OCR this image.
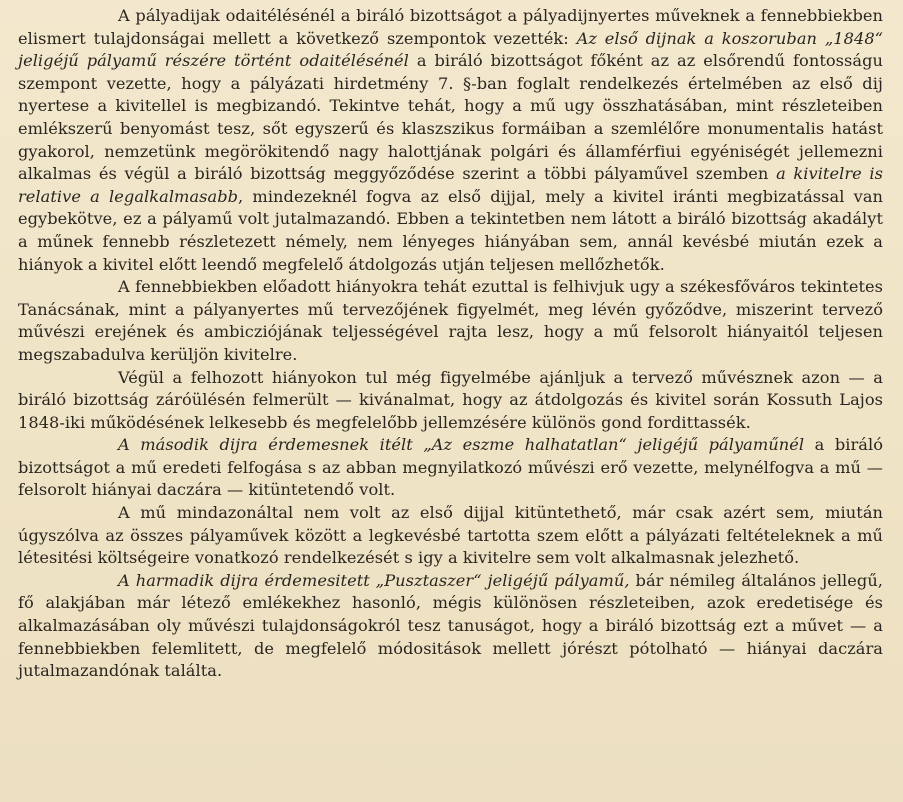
A pályadijak odaitélésénél a biráló bizottságot a pályadijnyertes műveknek a fennebbiekben elismert tulajdonságai mellett a következő szempontok vezették: Az első dijnak a koszoruban „1848“ jeligéjű pályamű részére történt odaitélésénél a biráló bizottságot főként az az elsőrendű fontosságu szempont vezette, hogy a pályázati hirdetmény 7. §-ban foglalt rendelkezés értelmében az első dij nyertese a kivitellel is megbizandó. Tekintve tehát, hogy a mű ugy összhatásában, mint részleteiben emlékszerű benyomást tesz, sőt egyszerű és klaszszikus formáiban a szemlélőre monumentalis hatást gyakorol, nemzetünk megörökitendő nagy halottjának polgári és államférfiui egyéniségét jellemezni alkalmas és végül a biráló bizottság meggyőződése szerint a többi pályaművel szemben a kivitelre is relative a legalkalmasabb, mindezeknél fogva az első dijjal, mely a kivitel iránti megbizatással van egybekötve, ez a pályamű volt jutalmazandó. Ebben a tekintetben nem látott a biráló bizottság akadályt a műnek fennebb részletezett némely, nem lényeges hiányában sem, annál kevésbé miután ezek a hiányok a kivitel előtt leendő megfelelő átdolgozás utján teljesen mellőzhetők.

A fennebbiekben előadott hiányokra tehát ezuttal is felhivjuk ugy a székesfőváros tekintetes Tanácsának, mint a pályanyertes mű tervezőjének figyelmét, meg lévén győződve, miszerint tervező művészi erejének és ambicziójának teljességével rajta lesz, hogy a mű felsorolt hiányaitól teljesen megszabadulva kerüljön kivitelre.

Végül a felhozott hiányokon tul még figyelmébe ajánljuk a tervező művésznek azon — a biráló bizottság záróülésén felmerült — kivánalmat, hogy az átdolgozás és kivitel során Kossuth Lajos 1848-iki működésének lelkesebb és megfelelőbb jellemzésére különös gond fordittassék.

A második dijra érdemesnek itélt „Az eszme halhatatlan“ jeligéjű pályaműnél a biráló bizottságot a mű eredeti felfogása s az abban megnyilatkozó művészi erő vezette, melynélfogva a mű — felsorolt hiányai daczára — kitüntetendő volt.

A mű mindazonáltal nem volt az első dijjal kitüntethető, már csak azért sem, miután úgyszólva az összes pályaművek között a legkevésbé tartotta szem előtt a pályázati feltételeknek a mű létesitési költségeire vonatkozó rendelkezését s igy a kivitelre sem volt alkalmasnak jelezhető.

A harmadik dijra érdemesitett „Pusztaszer“ jeligéjű pályamű, bár némileg általános jellegű, fő alakjában már létező emlékekhez hasonló, mégis különösen részleteiben, azok eredetisége és alkalmazásában oly művészi tulajdonságokról tesz tanuságot, hogy a biráló bizottság ezt a művet — a fennebbiekben felemlitett, de megfelelő módositások mellett jórészt pótolható — hiányai daczára jutalmazandónak találta.
